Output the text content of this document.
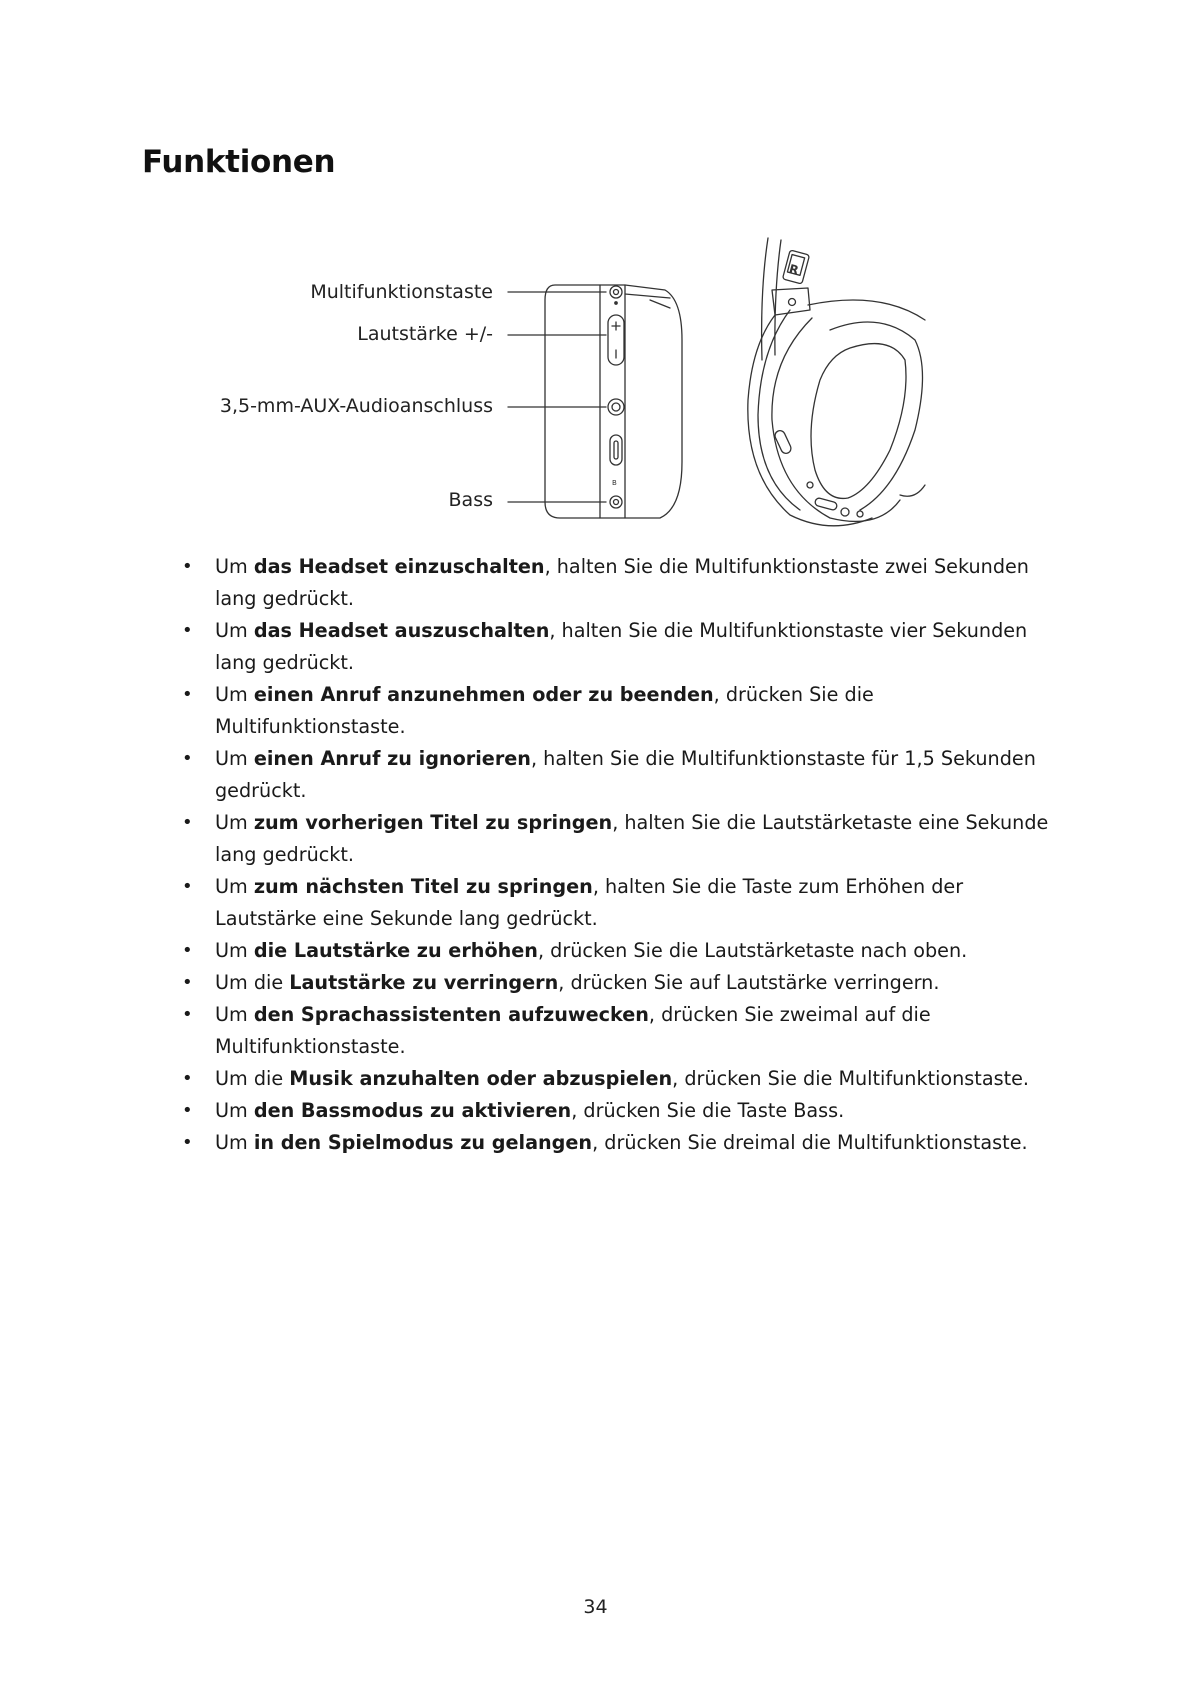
Funktionen
Multifunktionstaste
Lautstärke +/-
3,5-mm-AUX-Audioanschluss
Bass
B
R
• Um das Headset einzuschalten, halten Sie die Multifunktionstaste zwei Sekunden lang gedrückt.
• Um das Headset auszuschalten, halten Sie die Multifunktionstaste vier Sekunden lang gedrückt.
• Um einen Anruf anzunehmen oder zu beenden, drücken Sie die Multifunktionstaste.
• Um einen Anruf zu ignorieren, halten Sie die Multifunktionstaste für 1,5 Sekunden gedrückt.
• Um zum vorherigen Titel zu springen, halten Sie die Lautstärketaste eine Sekunde lang gedrückt.
• Um zum nächsten Titel zu springen, halten Sie die Taste zum Erhöhen der Lautstärke eine Sekunde lang gedrückt.
• Um die Lautstärke zu erhöhen, drücken Sie die Lautstärketaste nach oben.
• Um die Lautstärke zu verringern, drücken Sie auf Lautstärke verringern.
• Um den Sprachassistenten aufzuwecken, drücken Sie zweimal auf die Multifunktionstaste.
• Um die Musik anzuhalten oder abzuspielen, drücken Sie die Multifunktionstaste.
• Um den Bassmodus zu aktivieren, drücken Sie die Taste Bass.
• Um in den Spielmodus zu gelangen, drücken Sie dreimal die Multifunktionstaste.
34
